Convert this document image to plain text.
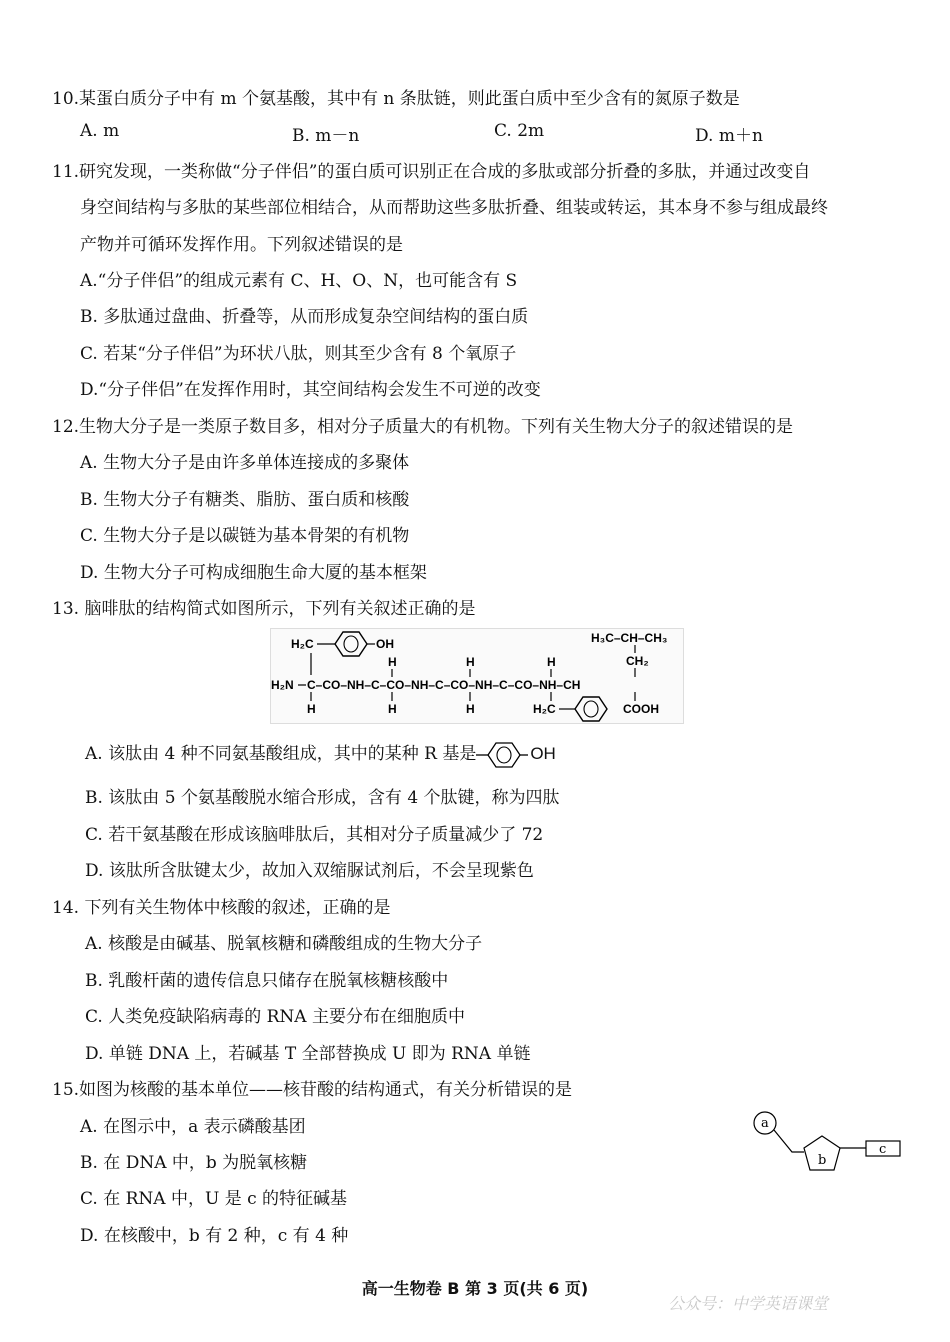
10.某蛋白质分子中有 m 个氨基酸，其中有 n 条肽链，则此蛋白质中至少含有的氮原子数是
A. m	B. m－n	C. 2m	D. m＋n
11.研究发现，一类称做“分子伴侣”的蛋白质可识别正在合成的多肽或部分折叠的多肽，并通过改变自
身空间结构与多肽的某些部位相结合，从而帮助这些多肽折叠、组装或转运，其本身不参与组成最终
产物并可循环发挥作用。下列叙述错误的是
A.“分子伴侣”的组成元素有 C、H、O、N，也可能含有 S
B. 多肽通过盘曲、折叠等，从而形成复杂空间结构的蛋白质
C. 若某“分子伴侣”为环状八肽，则其至少含有 8 个氧原子
D.“分子伴侣”在发挥作用时，其空间结构会发生不可逆的改变
12.生物大分子是一类原子数目多，相对分子质量大的有机物。下列有关生物大分子的叙述错误的是
A. 生物大分子是由许多单体连接成的多聚体
B. 生物大分子有糖类、脂肪、蛋白质和核酸
C. 生物大分子是以碳链为基本骨架的有机物
D. 生物大分子可构成细胞生命大厦的基本框架
13. 脑啡肽的结构简式如图所示，下列有关叙述正确的是
H₂C	OH
H	H	H
H₂N C–CO–NH–C–CO–NH–C–CO–NH–C–CO–NH–CH
H	H	H	H₂C
H₃C–CH–CH₃
CH₂
COOH
A. 该肽由 4 种不同氨基酸组成，其中的某种 R 基是	OH
B. 该肽由 5 个氨基酸脱水缩合形成，含有 4 个肽键，称为四肽
C. 若干氨基酸在形成该脑啡肽后，其相对分子质量减少了 72
D. 该肽所含肽键太少，故加入双缩脲试剂后，不会呈现紫色
14. 下列有关生物体中核酸的叙述，正确的是
A. 核酸是由碱基、脱氧核糖和磷酸组成的生物大分子
B. 乳酸杆菌的遗传信息只储存在脱氧核糖核酸中
C. 人类免疫缺陷病毒的 RNA 主要分布在细胞质中
D. 单链 DNA 上，若碱基 T 全部替换成 U 即为 RNA 单链
15.如图为核酸的基本单位——核苷酸的结构通式，有关分析错误的是
A. 在图示中，a 表示磷酸基团
B. 在 DNA 中，b 为脱氧核糖
C. 在 RNA 中，U 是 c 的特征碱基
D. 在核酸中，b 有 2 种，c 有 4 种
a
b
c
高一生物卷 B 第 3 页(共 6 页)
公众号：中学英语课堂
